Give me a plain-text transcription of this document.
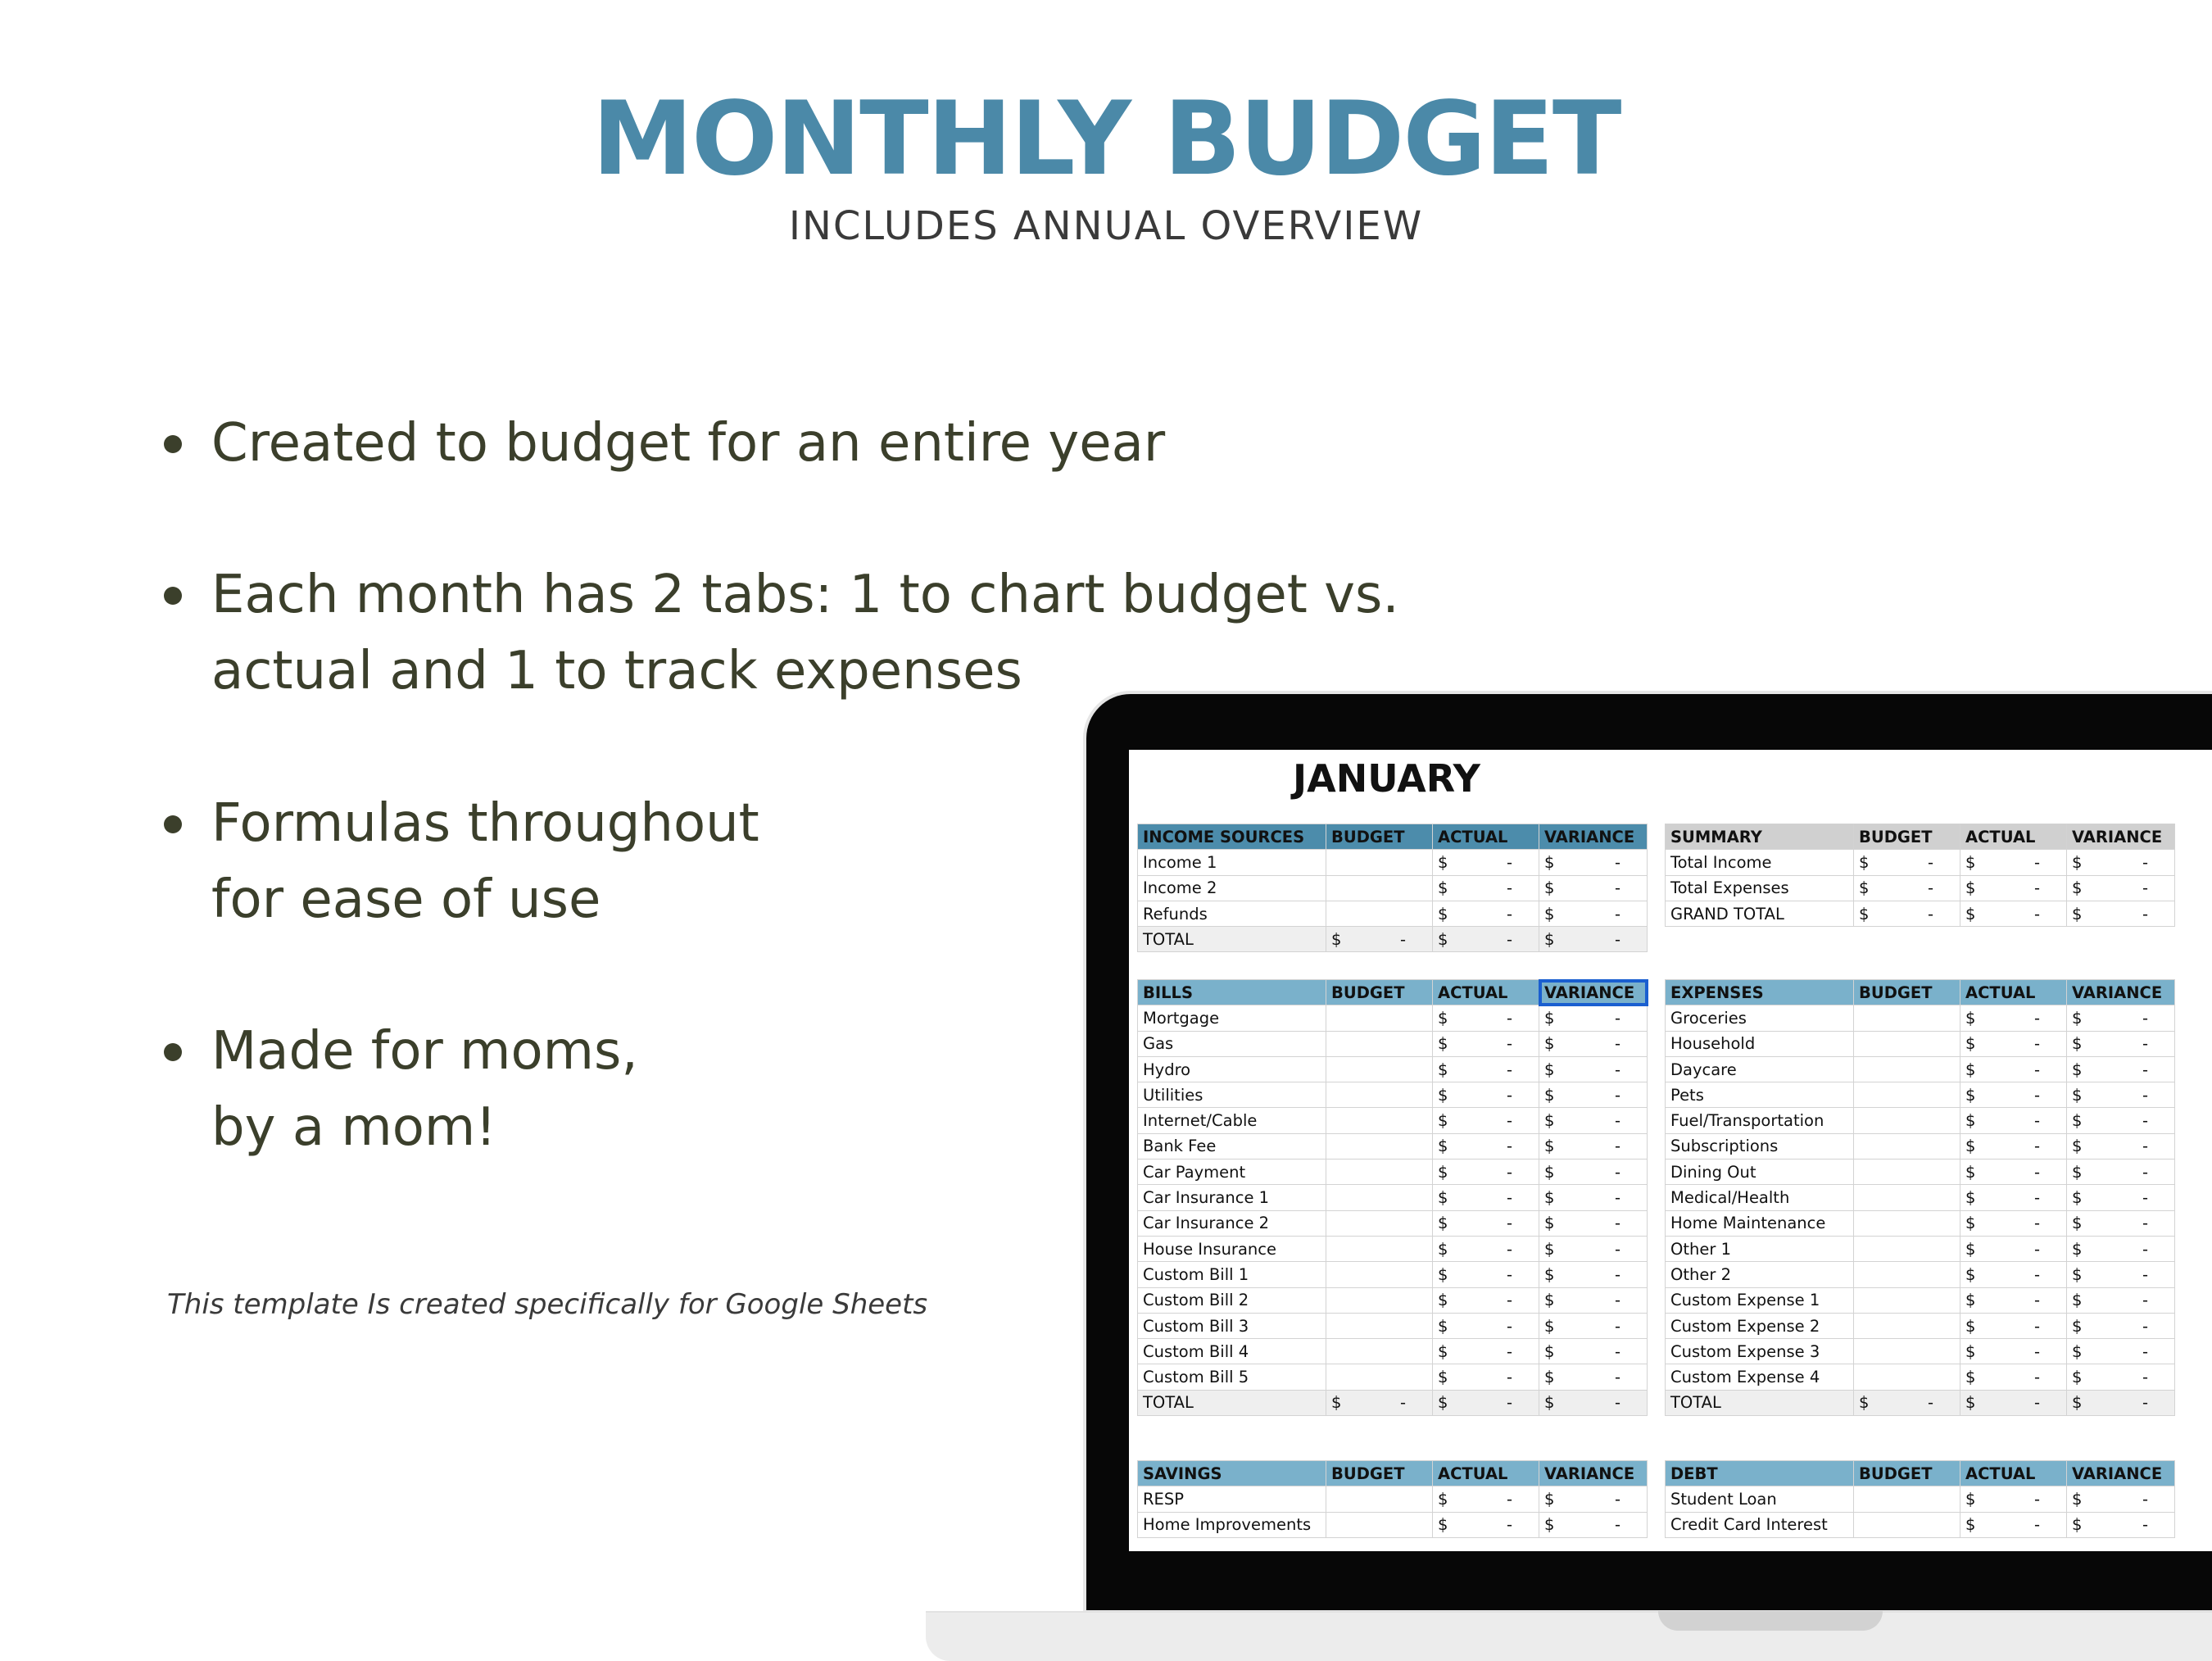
MONTHLY BUDGET
INCLUDES ANNUAL OVERVIEW
Created to budget for an entire year
Each month has 2 tabs: 1 to chart budget vs.
actual and 1 to track expenses
Formulas throughout
for ease of use
Made for moms,
by a mom!
This template Is created specifically for Google Sheets
JANUARY
INCOME SOURCES	BUDGET	ACTUAL	VARIANCE
Income 1		$ -	$ -

Income 2		$ -	$ -

Refunds		$ -	$ -

TOTAL	$ -	$ -	$ -
SUMMARY	BUDGET	ACTUAL	VARIANCE
Total Income	$ -	$ -	$ -

Total Expenses	$ -	$ -	$ -

GRAND TOTAL	$ -	$ -	$ -
BILLS	BUDGET	ACTUAL	VARIANCE
Mortgage		$ -	$ -

Gas		$ -	$ -

Hydro		$ -	$ -

Utilities		$ -	$ -

Internet/Cable		$ -	$ -

Bank Fee		$ -	$ -

Car Payment		$ -	$ -

Car Insurance 1		$ -	$ -

Car Insurance 2		$ -	$ -

House Insurance		$ -	$ -

Custom Bill 1		$ -	$ -

Custom Bill 2		$ -	$ -

Custom Bill 3		$ -	$ -

Custom Bill 4		$ -	$ -

Custom Bill 5		$ -	$ -

TOTAL	$ -	$ -	$ -
EXPENSES	BUDGET	ACTUAL	VARIANCE
Groceries		$ -	$ -

Household		$ -	$ -

Daycare		$ -	$ -

Pets		$ -	$ -

Fuel/Transportation		$ -	$ -

Subscriptions		$ -	$ -

Dining Out		$ -	$ -

Medical/Health		$ -	$ -

Home Maintenance		$ -	$ -

Other 1		$ -	$ -

Other 2		$ -	$ -

Custom Expense 1		$ -	$ -

Custom Expense 2		$ -	$ -

Custom Expense 3		$ -	$ -

Custom Expense 4		$ -	$ -

TOTAL	$ -	$ -	$ -
SAVINGS	BUDGET	ACTUAL	VARIANCE
RESP		$ -	$ -

Home Improvements		$ -	$ -
DEBT	BUDGET	ACTUAL	VARIANCE
Student Loan		$ -	$ -

Credit Card Interest		$ -	$ -
